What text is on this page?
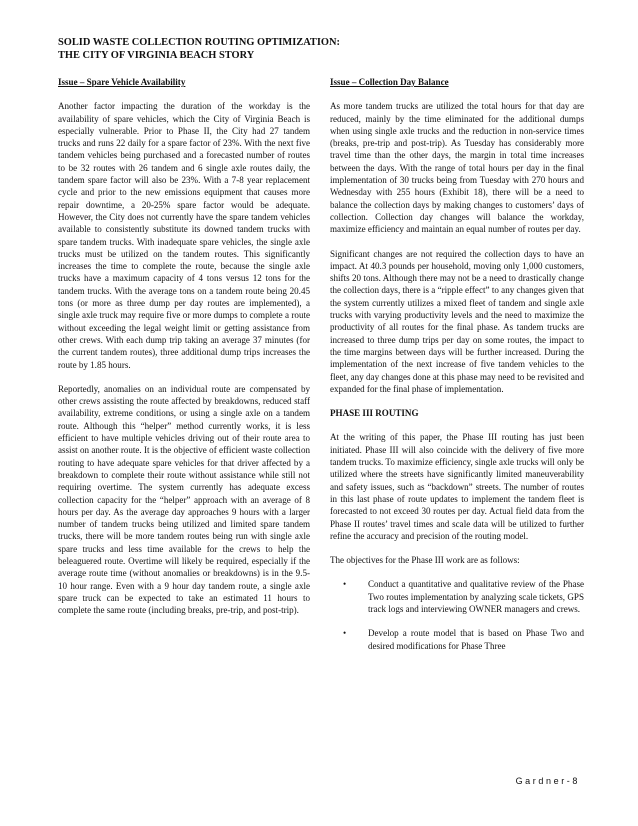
SOLID WASTE COLLECTION ROUTING OPTIMIZATION:
THE CITY OF VIRGINIA BEACH STORY
Issue – Spare Vehicle Availability

Another factor impacting the duration of the workday is the availability of spare vehicles, which the City of Virginia Beach is especially vulnerable. Prior to Phase II, the City had 27 tandem trucks and runs 22 daily for a spare factor of 23%. With the next five tandem vehicles being purchased and a forecasted number of routes to be 32 routes with 26 tandem and 6 single axle routes daily, the tandem spare factor will also be 23%. With a 7-8 year replacement cycle and prior to the new emissions equipment that causes more repair downtime, a 20-25% spare factor would be adequate. However, the City does not currently have the spare tandem vehicles available to consistently substitute its downed tandem trucks with spare tandem trucks. With inadequate spare vehicles, the single axle trucks must be utilized on the tandem routes. This significantly increases the time to complete the route, because the single axle trucks have a maximum capacity of 4 tons versus 12 tons for the tandem trucks. With the average tons on a tandem route being 20.45 tons (or more as three dump per day routes are implemented), a single axle truck may require five or more dumps to complete a route without exceeding the legal weight limit or getting assistance from other crews. With each dump trip taking an average 37 minutes (for the current tandem routes), three additional dump trips increases the route by 1.85 hours.

Reportedly, anomalies on an individual route are compensated by other crews assisting the route affected by breakdowns, reduced staff availability, extreme conditions, or using a single axle on a tandem route. Although this “helper” method currently works, it is less efficient to have multiple vehicles driving out of their route area to assist on another route. It is the objective of efficient waste collection routing to have adequate spare vehicles for that driver affected by a breakdown to complete their route without assistance while still not requiring overtime. The system currently has adequate excess collection capacity for the “helper” approach with an average of 8 hours per day. As the average day approaches 9 hours with a larger number of tandem trucks being utilized and limited spare tandem trucks, there will be more tandem routes being run with single axle spare trucks and less time available for the crews to help the beleaguered route. Overtime will likely be required, especially if the average route time (without anomalies or breakdowns) is in the 9.5-10 hour range. Even with a 9 hour day tandem route, a single axle spare truck can be expected to take an estimated 11 hours to complete the same route (including breaks, pre-trip, and post-trip).

Issue – Collection Day Balance

As more tandem trucks are utilized the total hours for that day are reduced, mainly by the time eliminated for the additional dumps when using single axle trucks and the reduction in non-service times (breaks, pre-trip and post-trip). As Tuesday has considerably more travel time than the other days, the margin in total time increases between the days. With the range of total hours per day in the final implementation of 30 trucks being from Tuesday with 270 hours and Wednesday with 255 hours (Exhibit 18), there will be a need to balance the collection days by making changes to customers’ days of collection. Collection day changes will balance the workday, maximize efficiency and maintain an equal number of routes per day.

Significant changes are not required the collection days to have an impact. At 40.3 pounds per household, moving only 1,000 customers, shifts 20 tons. Although there may not be a need to drastically change the collection days, there is a “ripple effect” to any changes given that the system currently utilizes a mixed fleet of tandem and single axle trucks with varying productivity levels and the need to maximize the productivity of all routes for the final phase. As tandem trucks are increased to three dump trips per day on some routes, the impact to the time margins between days will be further increased. During the implementation of the next increase of five tandem vehicles to the fleet, any day changes done at this phase may need to be revisited and expanded for the final phase of implementation.

PHASE III ROUTING

At the writing of this paper, the Phase III routing has just been initiated. Phase III will also coincide with the delivery of five more tandem trucks. To maximize efficiency, single axle trucks will only be utilized where the streets have significantly limited maneuverability and safety issues, such as “backdown” streets. The number of routes in this last phase of route updates to implement the tandem fleet is forecasted to not exceed 30 routes per day. Actual field data from the Phase II routes’ travel times and scale data will be utilized to further refine the accuracy and precision of the routing model.

The objectives for the Phase III work are as follows:

• Conduct a quantitative and qualitative review of the Phase Two routes implementation by analyzing scale tickets, GPS track logs and interviewing OWNER managers and crews.
• Develop a route model that is based on Phase Two and desired modifications for Phase Three
Gardner-8
